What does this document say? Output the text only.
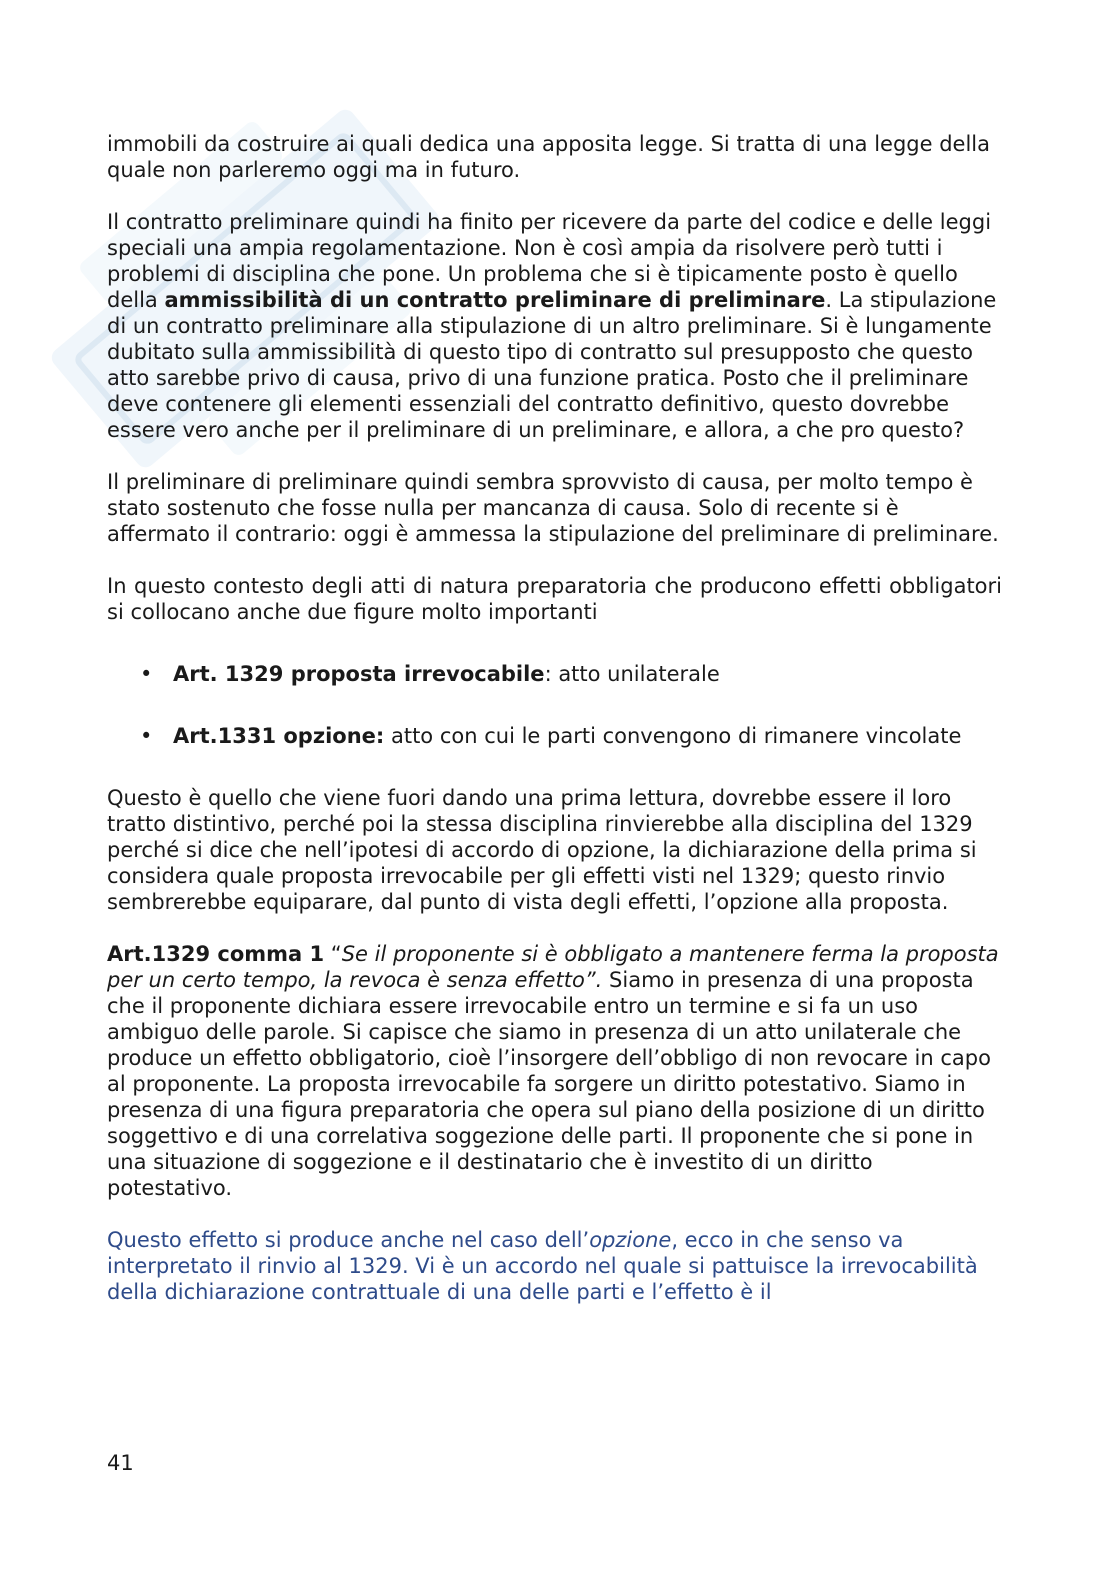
immobili da costruire ai quali dedica una apposita legge. Si tratta di una legge della quale non parleremo oggi ma in futuro.

Il contratto preliminare quindi ha finito per ricevere da parte del codice e delle leggi speciali una ampia regolamentazione. Non è così ampia da risolvere però tutti i problemi di disciplina che pone. Un problema che si è tipicamente posto è quello della ammissibilità di un contratto preliminare di preliminare. La stipulazione di un contratto preliminare alla stipulazione di un altro preliminare. Si è lungamente dubitato sulla ammissibilità di questo tipo di contratto sul presupposto che questo atto sarebbe privo di causa, privo di una funzione pratica. Posto che il preliminare deve contenere gli elementi essenziali del contratto definitivo, questo dovrebbe essere vero anche per il preliminare di un preliminare, e allora, a che pro questo?

Il preliminare di preliminare quindi sembra sprovvisto di causa, per molto tempo è stato sostenuto che fosse nulla per mancanza di causa. Solo di recente si è affermato il contrario: oggi è ammessa la stipulazione del preliminare di preliminare.

In questo contesto degli atti di natura preparatoria che producono effetti obbligatori si collocano anche due figure molto importanti

• Art. 1329 proposta irrevocabile: atto unilaterale
• Art.1331 opzione: atto con cui le parti convengono di rimanere vincolate

Questo è quello che viene fuori dando una prima lettura, dovrebbe essere il loro tratto distintivo, perché poi la stessa disciplina rinvierebbe alla disciplina del 1329 perché si dice che nell’ipotesi di accordo di opzione, la dichiarazione della prima si considera quale proposta irrevocabile per gli effetti visti nel 1329; questo rinvio sembrerebbe equiparare, dal punto di vista degli effetti, l’opzione alla proposta.

Art.1329 comma 1 “Se il proponente si è obbligato a mantenere ferma la proposta per un certo tempo, la revoca è senza effetto”. Siamo in presenza di una proposta che il proponente dichiara essere irrevocabile entro un termine e si fa un uso ambiguo delle parole. Si capisce che siamo in presenza di un atto unilaterale che produce un effetto obbligatorio, cioè l’insorgere dell’obbligo di non revocare in capo al proponente. La proposta irrevocabile fa sorgere un diritto potestativo. Siamo in presenza di una figura preparatoria che opera sul piano della posizione di un diritto soggettivo e di una correlativa soggezione delle parti. Il proponente che si pone in una situazione di soggezione e il destinatario che è investito di un diritto potestativo.

Questo effetto si produce anche nel caso dell’opzione, ecco in che senso va interpretato il rinvio al 1329. Vi è un accordo nel quale si pattuisce la irrevocabilità della dichiarazione contrattuale di una delle parti e l’effetto è il

41
